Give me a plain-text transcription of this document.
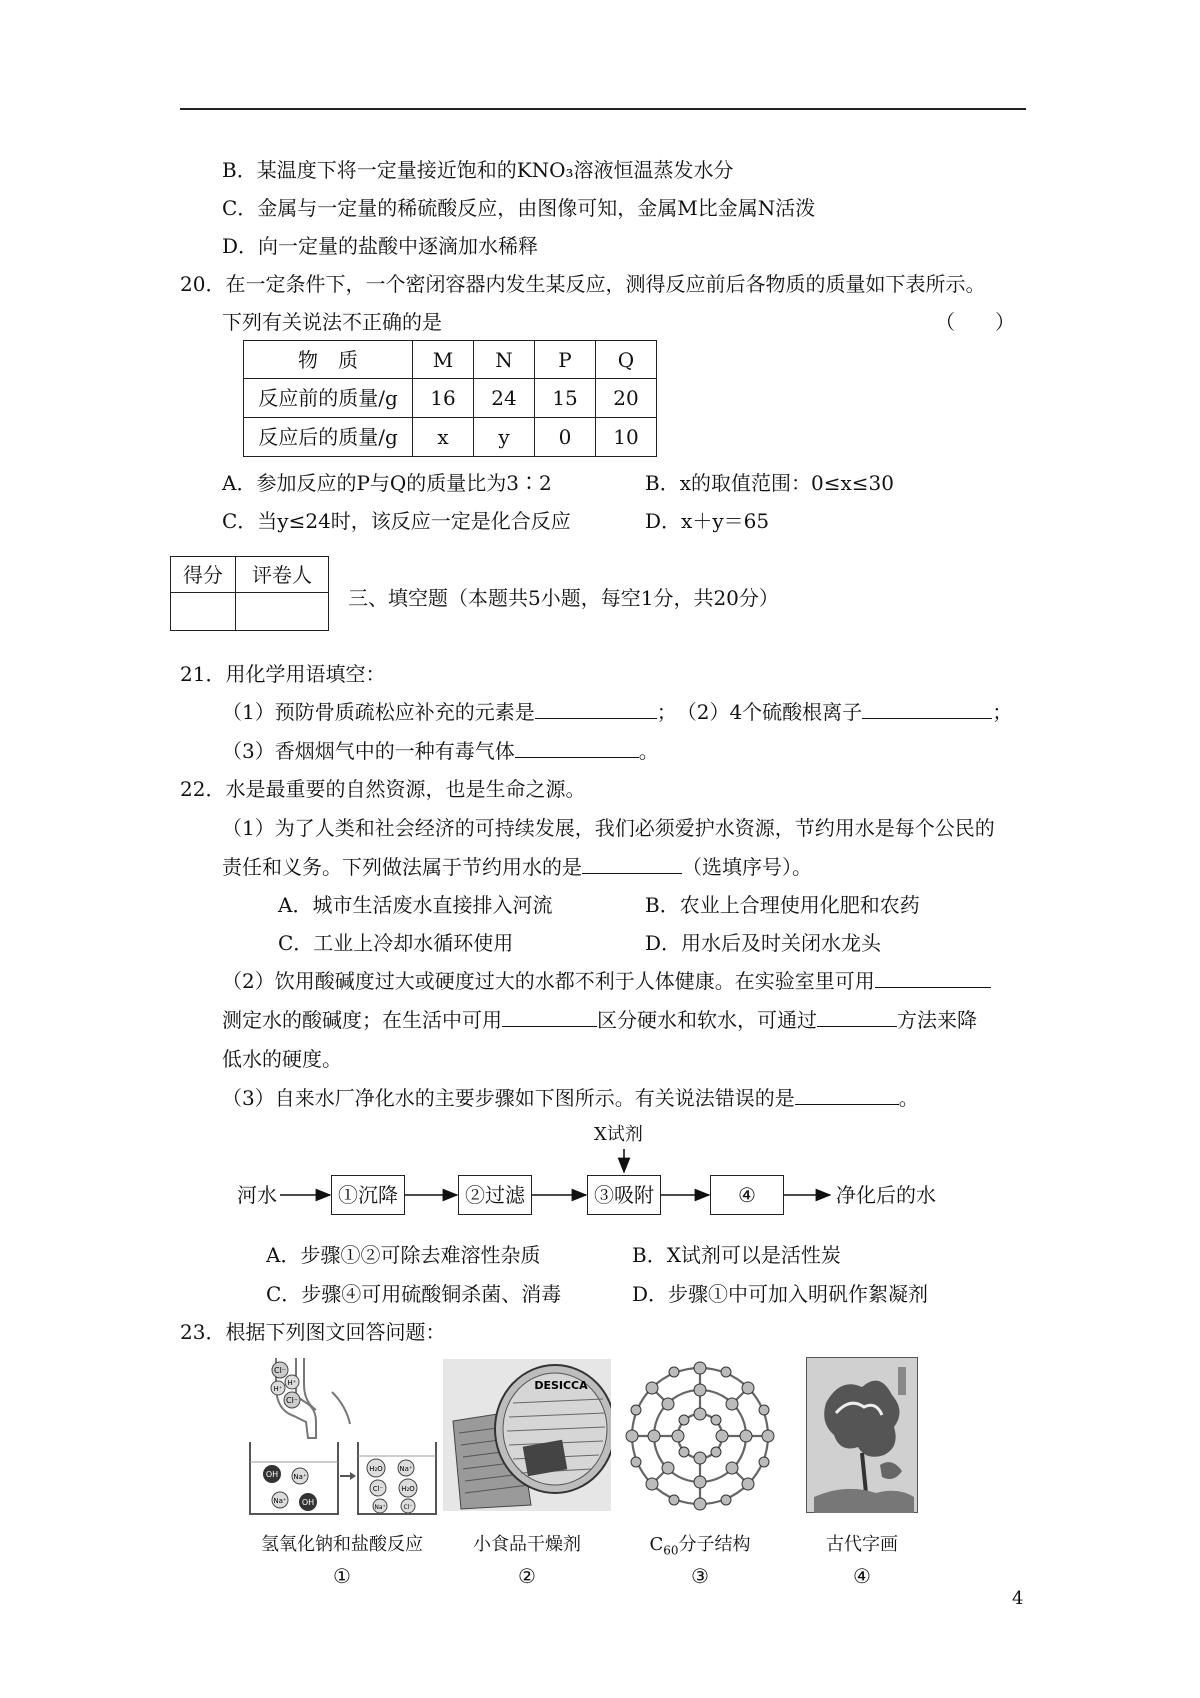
B．某温度下将一定量接近饱和的KNO₃溶液恒温蒸发水分
C．金属与一定量的稀硫酸反应，由图像可知，金属M比金属N活泼
D．向一定量的盐酸中逐滴加水稀释
20．在一定条件下，一个密闭容器内发生某反应，测得反应前后各物质的质量如下表所示。
下列有关说法不正确的是	（　　）
物　质	M	N	P	Q
反应前的质量/g	16	24	15	20
反应后的质量/g	x	y	0	10
A．参加反应的P与Q的质量比为3∶2	B．x的取值范围：0≤x≤30
C．当y≤24时，该反应一定是化合反应	D．x＋y＝65
得分	评卷人

三、填空题（本题共5小题，每空1分，共20分）
21．用化学用语填空：
（1）预防骨质疏松应补充的元素是	；　（2）4个硫酸根离子	；
（3）香烟烟气中的一种有毒气体	。
22．水是最重要的自然资源，也是生命之源。
（1）为了人类和社会经济的可持续发展，我们必须爱护水资源，节约用水是每个公民的
责任和义务。下列做法属于节约用水的是	（选填序号）。
A．城市生活废水直接排入河流	B．农业上合理使用化肥和农药
C．工业上冷却水循环使用	D．用水后及时关闭水龙头
（2）饮用酸碱度过大或硬度过大的水都不利于人体健康。在实验室里可用
测定水的酸碱度；在生活中可用	区分硬水和软水，可通过	方法来降
低水的硬度。
（3）自来水厂净化水的主要步骤如下图所示。有关说法错误的是	。
X试剂
河水	①沉降	②过滤	③吸附	④	净化后的水
A．步骤①②可除去难溶性杂质	B．X试剂可以是活性炭
C．步骤④可用硫酸铜杀菌、消毒	D．步骤①中可加入明矾作絮凝剂
23．根据下列图文回答问题：
Cl⁻
H⁺
H⁺
Cl⁻
OH Na⁺
Na⁺ OH
H₂O Na⁺
Cl⁻	H₂O
Na⁺	Cl⁻
DESICCA
氢氧化钠和盐酸反应	小食品干燥剂	$C_{60}$分子结构	古代字画
①	②	③	④
4
